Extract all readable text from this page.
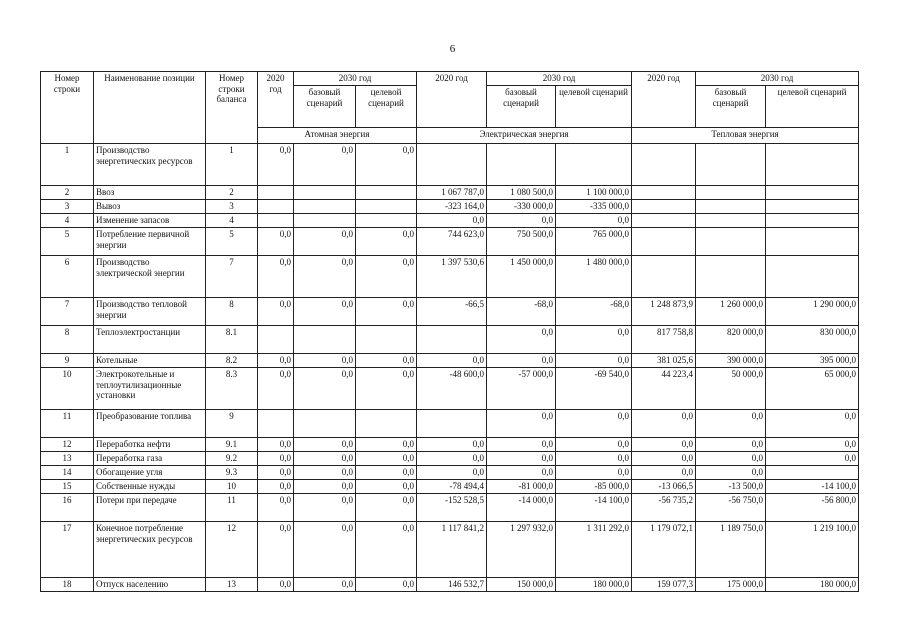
6
Номер строки	Наименование позиции	Номер строки баланса	2020 год	2030 год		2020 год	2030 год		2020 год	2030 год	
				базовый сценарий	целевой сценарий		базовый сценарий	целевой сценарий		базовый сценарий	целевой сценарий
			Атомная энергия			Электрическая энергия			Тепловая энергия		
1	Производство энергетических ресурсов	1	0,0	0,0	0,0						
2	Ввоз	2				1 067 787,0	1 080 500,0	1 100 000,0			
3	Вывоз	3				-323 164,0	-330 000,0	-335 000,0			
4	Изменение запасов	4				0,0	0,0	0,0			
5	Потребление первичной энергии	5	0,0	0,0	0,0	744 623,0	750 500,0	765 000,0			
6	Производство электрической энергии	7	0,0	0,0	0,0	1 397 530,6	1 450 000,0	1 480 000,0			
7	Производство тепловой энергии	8	0,0	0,0	0,0	-66,5	-68,0	-68,0	1 248 873,9	1 260 000,0	1 290 000,0
8	Теплоэлектростанции	8.1					0,0	0,0	817 758,8	820 000,0	830 000,0
9	Котельные	8.2	0,0	0,0	0,0	0,0	0,0	0,0	381 025,6	390 000,0	395 000,0
10	Электрокотельные и теплоутилизационные установки	8.3	0,0	0,0	0,0	-48 600,0	-57 000,0	-69 540,0	44 223,4	50 000,0	65 000,0
11	Преобразование топлива	9					0,0	0,0	0,0	0,0	0,0
12	Переработка нефти	9.1	0,0	0,0	0,0	0,0	0,0	0,0	0,0	0,0	0,0
13	Переработка газа	9.2	0,0	0,0	0,0	0,0	0,0	0,0	0,0	0,0	0,0
14	Обогащение угля	9.3	0,0	0,0	0,0	0,0	0,0	0,0	0,0	0,0	
15	Собственные нужды	10	0,0	0,0	0,0	-78 494,4	-81 000,0	-85 000,0	-13 066,5	-13 500,0	-14 100,0
16	Потери при передаче	11	0,0	0,0	0,0	-152 528,5	-14 000,0	-14 100,0	-56 735,2	-56 750,0	-56 800,0
17	Конечное потребление энергетических ресурсов	12	0,0	0,0	0,0	1 117 841,2	1 297 932,0	1 311 292,0	1 179 072,1	1 189 750,0	1 219 100,0
18	Отпуск населению	13	0,0	0,0	0,0	146 532,7	150 000,0	180 000,0	159 077,3	175 000,0	180 000,0
